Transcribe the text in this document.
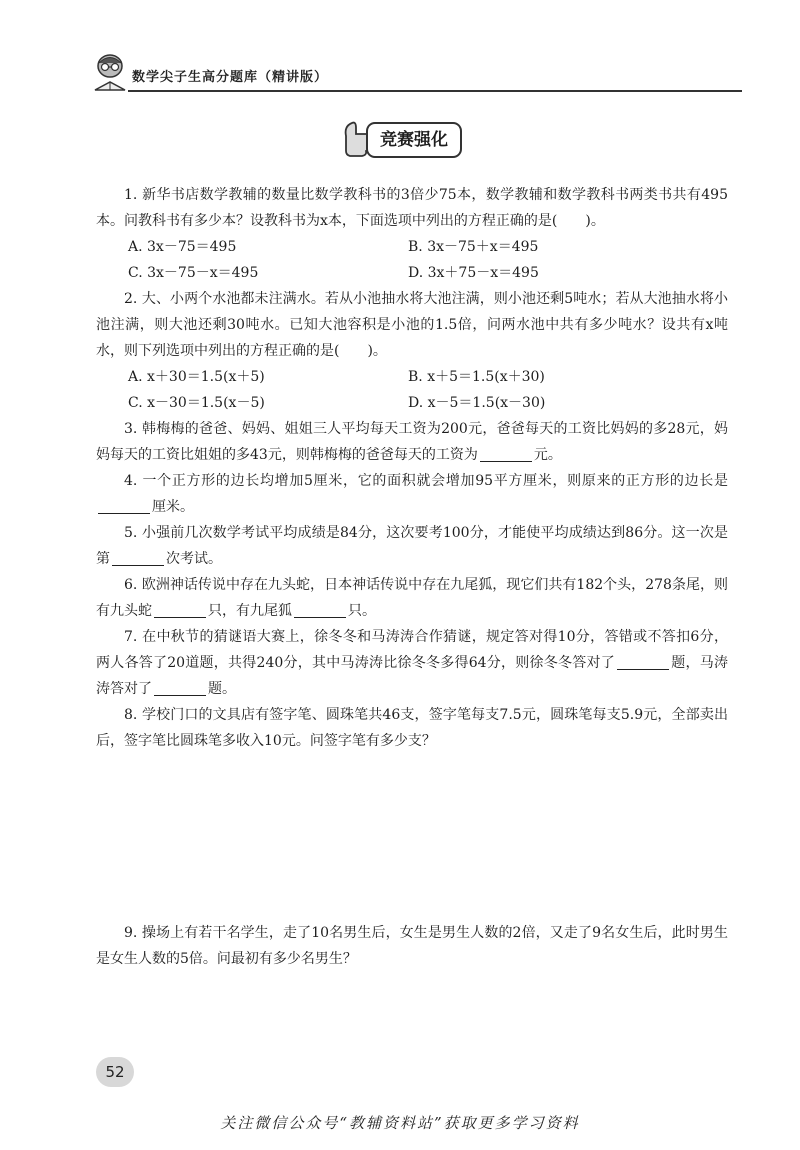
数学尖子生高分题库（精讲版）
竞赛强化

1. 新华书店数学教辅的数量比数学教科书的3倍少75本，数学教辅和数学教科书两类书共有495本。问教科书有多少本？设教科书为x本，下面选项中列出的方程正确的是(　　)。

A. 3x－75＝495	B. 3x－75＋x＝495
C. 3x－75－x＝495	D. 3x＋75－x＝495

2. 大、小两个水池都未注满水。若从小池抽水将大池注满，则小池还剩5吨水；若从大池抽水将小池注满，则大池还剩30吨水。已知大池容积是小池的1.5倍，问两水池中共有多少吨水？设共有x吨水，则下列选项中列出的方程正确的是(　　)。

A. x＋30＝1.5(x＋5)	B. x＋5＝1.5(x＋30)
C. x－30＝1.5(x－5)	D. x－5＝1.5(x－30)

3. 韩梅梅的爸爸、妈妈、姐姐三人平均每天工资为200元，爸爸每天的工资比妈妈的多28元，妈妈每天的工资比姐姐的多43元，则韩梅梅的爸爸每天的工资为	元。

4. 一个正方形的边长均增加5厘米，它的面积就会增加95平方厘米，则原来的正方形的边长是厘米。

5. 小强前几次数学考试平均成绩是84分，这次要考100分，才能使平均成绩达到86分。这一次是第	次考试。

6. 欧洲神话传说中存在九头蛇，日本神话传说中存在九尾狐，现它们共有182个头，278条尾，则有九头蛇	只，有九尾狐	只。

7. 在中秋节的猜谜语大赛上，徐冬冬和马涛涛合作猜谜，规定答对得10分，答错或不答扣6分，两人各答了20道题，共得240分，其中马涛涛比徐冬冬多得64分，则徐冬冬答对了	题，马涛涛答对了	题。

8. 学校门口的文具店有签字笔、圆珠笔共46支，签字笔每支7.5元，圆珠笔每支5.9元，全部卖出后，签字笔比圆珠笔多收入10元。问签字笔有多少支？

9. 操场上有若干名学生，走了10名男生后，女生是男生人数的2倍，又走了9名女生后，此时男生是女生人数的5倍。问最初有多少名男生？

52
关注微信公众号“教辅资料站”获取更多学习资料
